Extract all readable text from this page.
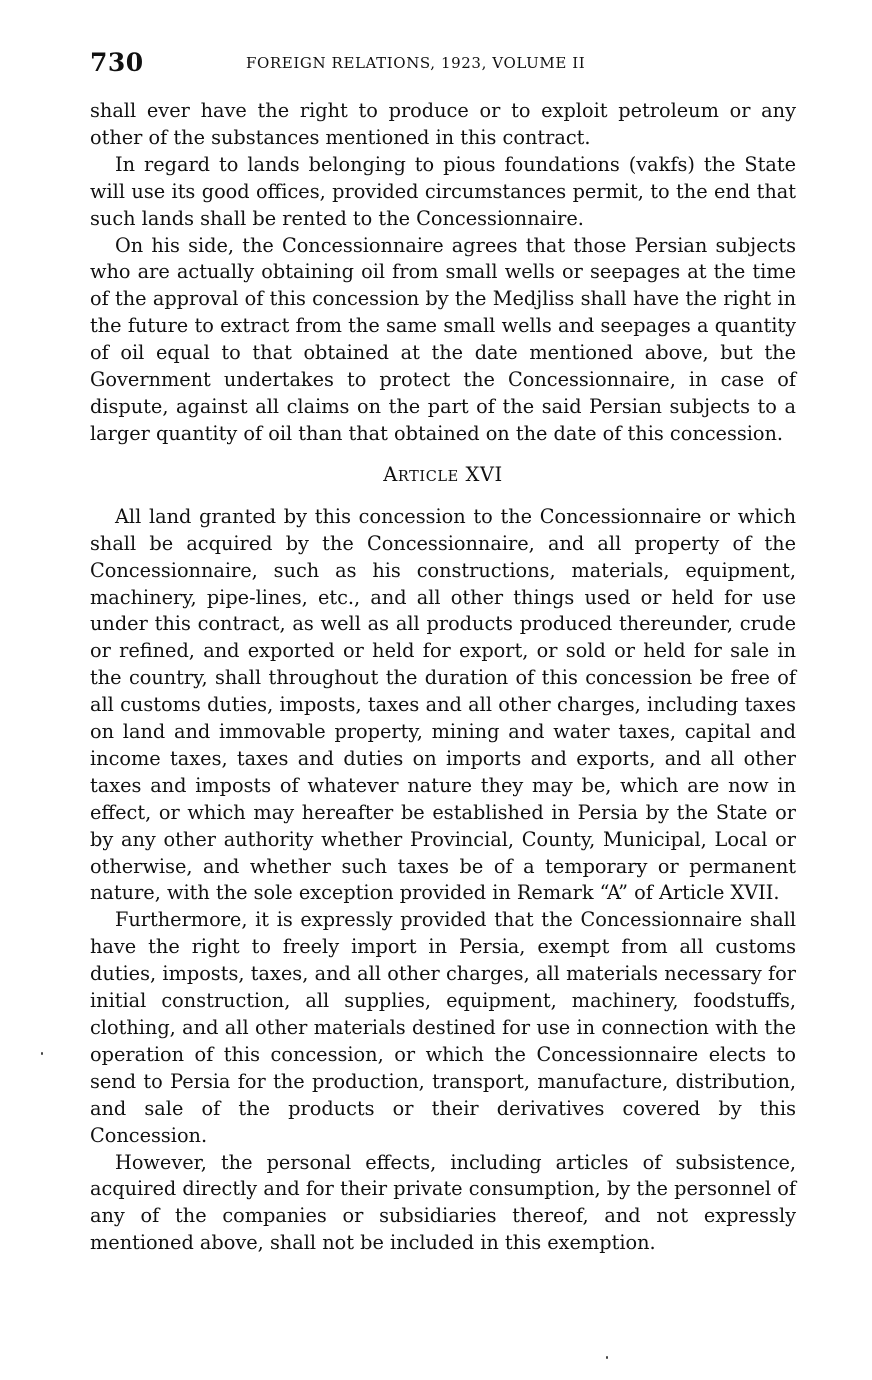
730	FOREIGN RELATIONS, 1923, VOLUME II

shall ever have the right to produce or to exploit petroleum or any other of the substances mentioned in this contract.

In regard to lands belonging to pious foundations (vakfs) the State will use its good offices, provided circumstances permit, to the end that such lands shall be rented to the Concessionnaire.

On his side, the Concessionnaire agrees that those Persian subjects who are actually obtaining oil from small wells or seepages at the time of the approval of this concession by the Medjliss shall have the right in the future to extract from the same small wells and seepages a quantity of oil equal to that obtained at the date mentioned above, but the Government undertakes to protect the Concessionnaire, in case of dispute, against all claims on the part of the said Persian subjects to a larger quantity of oil than that obtained on the date of this concession.

ARTICLE XVI

All land granted by this concession to the Concessionnaire or which shall be acquired by the Concessionnaire, and all property of the Concessionnaire, such as his constructions, materials, equipment, machinery, pipe-lines, etc., and all other things used or held for use under this contract, as well as all products produced thereunder, crude or refined, and exported or held for export, or sold or held for sale in the country, shall throughout the duration of this concession be free of all customs duties, imposts, taxes and all other charges, including taxes on land and immovable property, mining and water taxes, capital and income taxes, taxes and duties on imports and exports, and all other taxes and imposts of whatever nature they may be, which are now in effect, or which may hereafter be established in Persia by the State or by any other authority whether Provincial, County, Municipal, Local or otherwise, and whether such taxes be of a temporary or permanent nature, with the sole exception provided in Remark “A” of Article XVII.

Furthermore, it is expressly provided that the Concessionnaire shall have the right to freely import in Persia, exempt from all customs duties, imposts, taxes, and all other charges, all materials necessary for initial construction, all supplies, equipment, machinery, foodstuffs, clothing, and all other materials destined for use in connection with the operation of this concession, or which the Concessionnaire elects to send to Persia for the production, transport, manufacture, distribution, and sale of the products or their derivatives covered by this Concession.

However, the personal effects, including articles of subsistence, acquired directly and for their private consumption, by the personnel of any of the companies or subsidiaries thereof, and not expressly mentioned above, shall not be included in this exemption.
